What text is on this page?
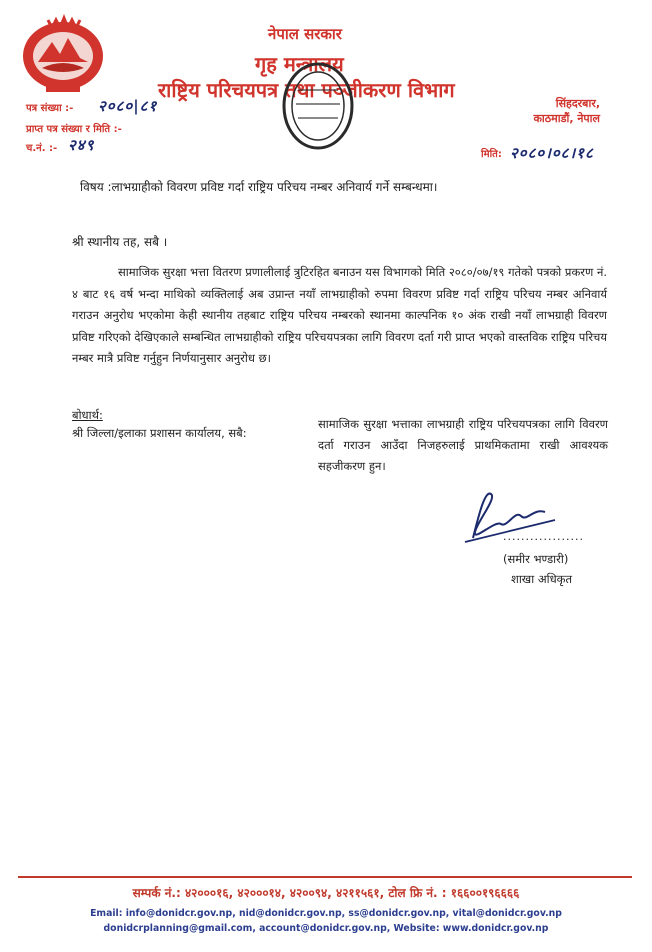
नेपाल सरकार
गृह मन्त्रालय
राष्ट्रिय परिचयपत्र तथा पञ्जीकरण विभाग
पत्र संख्या :- २०८०|८१
प्राप्त पत्र संख्या र मिति :-
च.नं. :- २४९
सिंहदरबार,
काठमाडौं, नेपाल
मिति: २०८०।०८।१८
विषय :लाभग्राहीको विवरण प्रविष्ट गर्दा राष्ट्रिय परिचय नम्बर अनिवार्य गर्ने सम्बन्धमा।
श्री स्थानीय तह, सबै ।
सामाजिक सुरक्षा भत्ता वितरण प्रणालीलाई त्रुटिरहित बनाउन यस विभागको मिति २०८०/०७/१९ गतेको पत्रको प्रकरण नं. ४ बाट १६ वर्ष भन्दा माथिको व्यक्तिलाई अब उप्रान्त नयाँ लाभग्राहीको रुपमा विवरण प्रविष्ट गर्दा राष्ट्रिय परिचय नम्बर अनिवार्य गराउन अनुरोध भएकोमा केही स्थानीय तहबाट राष्ट्रिय परिचय नम्बरको स्थानमा काल्पनिक १० अंक राखी नयाँ लाभग्राही विवरण प्रविष्ट गरिएको देखिएकाले सम्बन्धित लाभग्राहीको राष्ट्रिय परिचयपत्रका लागि विवरण दर्ता गरी प्राप्त भएको वास्तविक राष्ट्रिय परिचय नम्बर मात्रै प्रविष्ट गर्नुहुन निर्णयानुसार अनुरोध छ।
बोधार्थ:
श्री जिल्ला/इलाका प्रशासन कार्यालय, सबै:
सामाजिक सुरक्षा भत्ताका लाभग्राही राष्ट्रिय परिचयपत्रका लागि विवरण दर्ता गराउन आउँदा निजहरुलाई प्राथमिकतामा राखी आवश्यक सहजीकरण हुन।
..................
(समीर भण्डारी)
शाखा अधिकृत
सम्पर्क नं.: ४२०००१६, ४२०००१४, ४२००९४, ४२११५६१, टोल फ्रि नं. : १६६००१९६६६६
Email: info@donidcr.gov.np, nid@donidcr.gov.np, ss@donidcr.gov.np, vital@donidcr.gov.np
donidcrplanning@gmail.com, account@donidcr.gov.np, Website: www.donidcr.gov.np
